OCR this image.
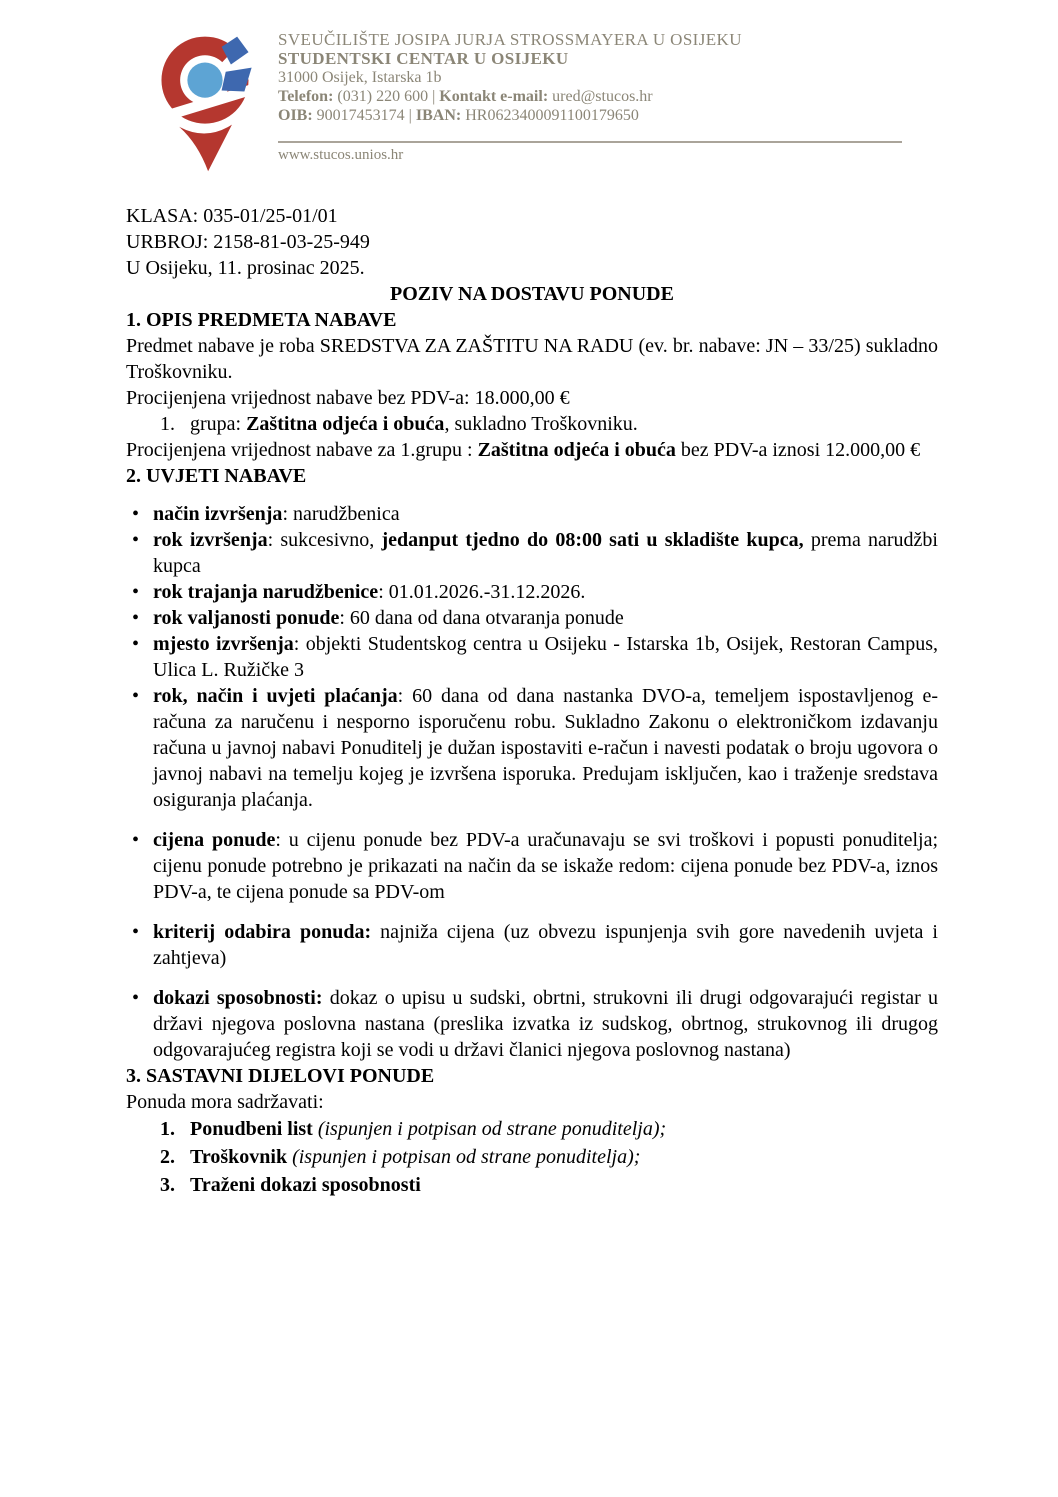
SVEUČILIŠTE JOSIPA JURJA STROSSMAYERA U OSIJEKU
STUDENTSKI CENTAR U OSIJEKU
31000 Osijek, Istarska 1b
Telefon: (031) 220 600 | Kontakt e-mail: ured@stucos.hr
OIB: 90017453174 | IBAN: HR0623400091100179650
www.stucos.unios.hr

KLASA: 035-01/25-01/01

URBROJ: 2158-81-03-25-949

U Osijeku, 11. prosinac 2025.

POZIV NA DOSTAVU PONUDE

1. OPIS PREDMETA NABAVE

Predmet nabave je roba SREDSTVA ZA ZAŠTITU NA RADU (ev. br. nabave: JN – 33/25) sukladno Troškovniku.

Procijenjena vrijednost nabave bez PDV-a: 18.000,00 €

1. grupa: Zaštitna odjeća i obuća, sukladno Troškovniku.

Procijenjena vrijednost nabave za 1.grupu : Zaštitna odjeća i obuća bez PDV-a iznosi 12.000,00 €

2. UVJETI NABAVE

• način izvršenja: narudžbenica
• rok izvršenja: sukcesivno, jedanput tjedno do 08:00 sati u skladište kupca, prema narudžbi kupca
• rok trajanja narudžbenice: 01.01.2026.-31.12.2026.
• rok valjanosti ponude: 60 dana od dana otvaranja ponude
• mjesto izvršenja: objekti Studentskog centra u Osijeku - Istarska 1b, Osijek, Restoran Campus, Ulica L. Ružičke 3
• rok, način i uvjeti plaćanja: 60 dana od dana nastanka DVO-a, temeljem ispostavljenog e-računa za naručenu i nesporno isporučenu robu. Sukladno Zakonu o elektroničkom izdavanju računa u javnoj nabavi Ponuditelj je dužan ispostaviti e-račun i navesti podatak o broju ugovora o javnoj nabavi na temelju kojeg je izvršena isporuka. Predujam isključen, kao i traženje sredstava osiguranja plaćanja.
• cijena ponude: u cijenu ponude bez PDV-a uračunavaju se svi troškovi i popusti ponuditelja; cijenu ponude potrebno je prikazati na način da se iskaže redom: cijena ponude bez PDV-a, iznos PDV-a, te cijena ponude sa PDV-om
• kriterij odabira ponuda: najniža cijena (uz obvezu ispunjenja svih gore navedenih uvjeta i zahtjeva)
• dokazi sposobnosti: dokaz o upisu u sudski, obrtni, strukovni ili drugi odgovarajući registar u državi njegova poslovna nastana (preslika izvatka iz sudskog, obrtnog, strukovnog ili drugog odgovarajućeg registra koji se vodi u državi članici njegova poslovnog nastana)

3. SASTAVNI DIJELOVI PONUDE

Ponuda mora sadržavati:

1. Ponudbeni list (ispunjen i potpisan od strane ponuditelja);

2. Troškovnik (ispunjen i potpisan od strane ponuditelja);

3. Traženi dokazi sposobnosti
